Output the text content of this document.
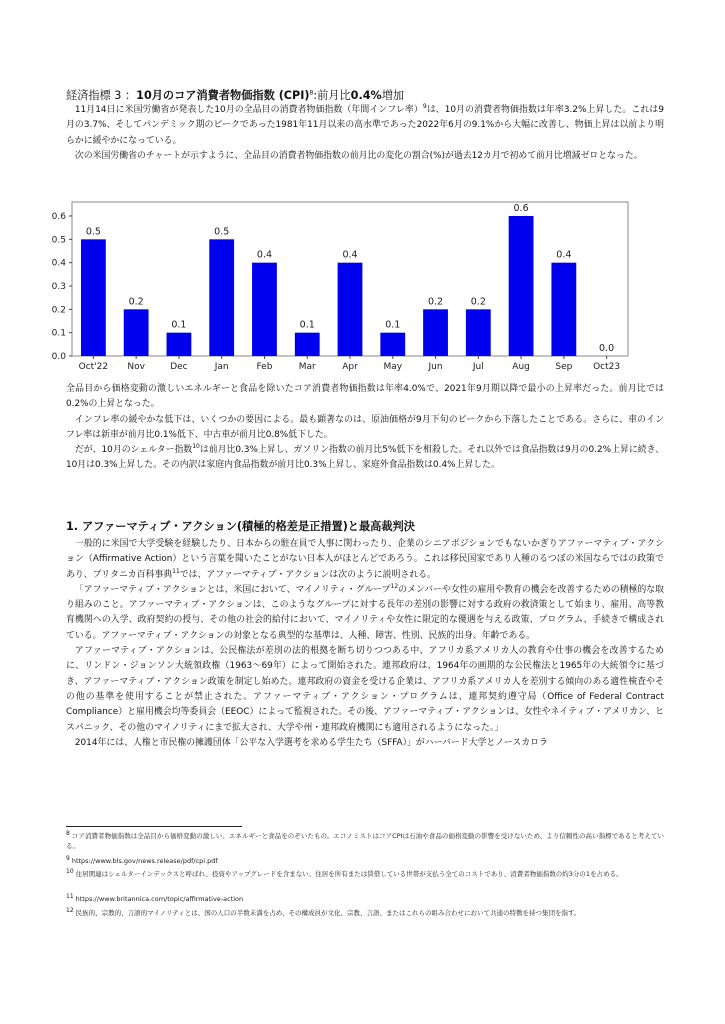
経済指標 3 ：10月のコア消費者物価指数 (CPI)$^8$:前月比0.4%増加

11月14日に米国労働省が発表した10月の全品目の消費者物価指数（年間インフレ率）$^9$は、10月の消費者物価指数は年率3.2%上昇した。これは9月の3.7%、そしてパンデミック期のピークであった1981年11月以来の高水準であった2022年6月の9.1%から大幅に改善し、物価上昇は以前より明らかに緩やかになっている。

次の米国労働省のチャートが示すように、全品目の消費者物価指数の前月比の変化の割合(%)が過去12カ月で初めて前月比増減ゼロとなった。

0.0
0.1
0.2
0.3
0.4
0.5
0.6
0.5
Oct'22
0.2
Nov
0.1
Dec
0.5
Jan
0.4
Feb
0.1
Mar
0.4
Apr
0.1
May
0.2
Jun
0.2
Jul
0.6
Aug
0.4
Sep
0.0
Oct23

全品目から価格変動の激しいエネルギーと食品を除いたコア消費者物価指数は年率4.0%で、2021年9月期以降で最小の上昇率だった。前月比では0.2%の上昇となった。

インフレ率の緩やかな低下は、いくつかの要因による。最も顕著なのは、原油価格が9月下旬のピークから下落したことである。さらに、車のインフレ率は新車が前月比0.1%低下、中古車が前月比0.8%低下した。

だが、10月のシェルター指数$^{10}$は前月比0.3%上昇し、ガソリン指数の前月比5%低下を相殺した。それ以外では食品指数は9月の0.2%上昇に続き、10月は0.3%上昇した。その内訳は家庭内食品指数が前月比0.3%上昇し、家庭外食品指数は0.4%上昇した。

1. アファーマティブ・アクション(積極的格差是正措置)と最高裁判決

一般的に米国で大学受験を経験したり、日本からの駐在員で人事に関わったり、企業のシニアポジションでもないかぎりアファーマティブ・アクション（Affirmative Action）という言葉を聞いたことがない日本人がほとんどであろう。これは移民国家であり人種のるつぼの米国ならではの政策であり、ブリタニカ百科事典$^{11}$では、アファーマティブ・アクションは次のように説明される。

「アファーマティブ・アクションとは、米国において、マイノリティ・グループ$^{12}$のメンバーや女性の雇用や教育の機会を改善するための積極的な取り組みのこと。アファーマティブ・アクションは、このようなグループに対する長年の差別の影響に対する政府の救済策として始まり、雇用、高等教育機関への入学、政府契約の授与、その他の社会的給付において、マイノリティや女性に限定的な優遇を与える政策、プログラム、手続きで構成されている。アファーマティブ・アクションの対象となる典型的な基準は、人種、障害、性別、民族的出身、年齢である。

アファーマティブ・アクションは、公民権法が差別の法的根拠を断ち切りつつある中、アフリカ系アメリカ人の教育や仕事の機会を改善するために、リンドン・ジョンソン大統領政権（1963～69年）によって開始された。連邦政府は、1964年の画期的な公民権法と1965年の大統領令に基づき、アファーマティブ・アクション政策を制定し始めた。連邦政府の資金を受ける企業は、アフリカ系アメリカ人を差別する傾向のある適性検査やその他の基準を使用することが禁止された。アファーマティブ・アクション・プログラムは、連邦契約遵守局（Office of Federal Contract Compliance）と雇用機会均等委員会（EEOC）によって監視された。その後、アファーマティブ・アクションは、女性やネイティブ・アメリカン、ヒスパニック、その他のマイノリティにまで拡大され、大学や州・連邦政府機関にも適用されるようになった。」

2014年には、人権と市民権の擁護団体「公平な入学選考を求める学生たち（SFFA）」がハーバード大学とノースカロラ

8 コア消費者物価指数は全品目から価格変動の激しい、エネルギーと食品をのぞいたもの。エコノミストはコアCPIは石油や食品の価格変動の影響を受けないため、より信頼性の高い指標であると考えている。
9 https://www.bls.gov/news.release/pdf/cpi.pdf
10 住居関連はシェルターインデックスと呼ばれ、投資やアップグレードを含まない、住居を所有または賃借している世帯が支払う全てのコストであり、消費者物価指数の約3分の1を占める。
11 https://www.britannica.com/topic/affirmative-action
12 民族的、宗教的、言語的マイノリティとは、国の人口の半数未満を占め、その構成員が文化、宗教、言語、またはこれらの組み合わせにおいて共通の特徴を持つ集団を指す。
